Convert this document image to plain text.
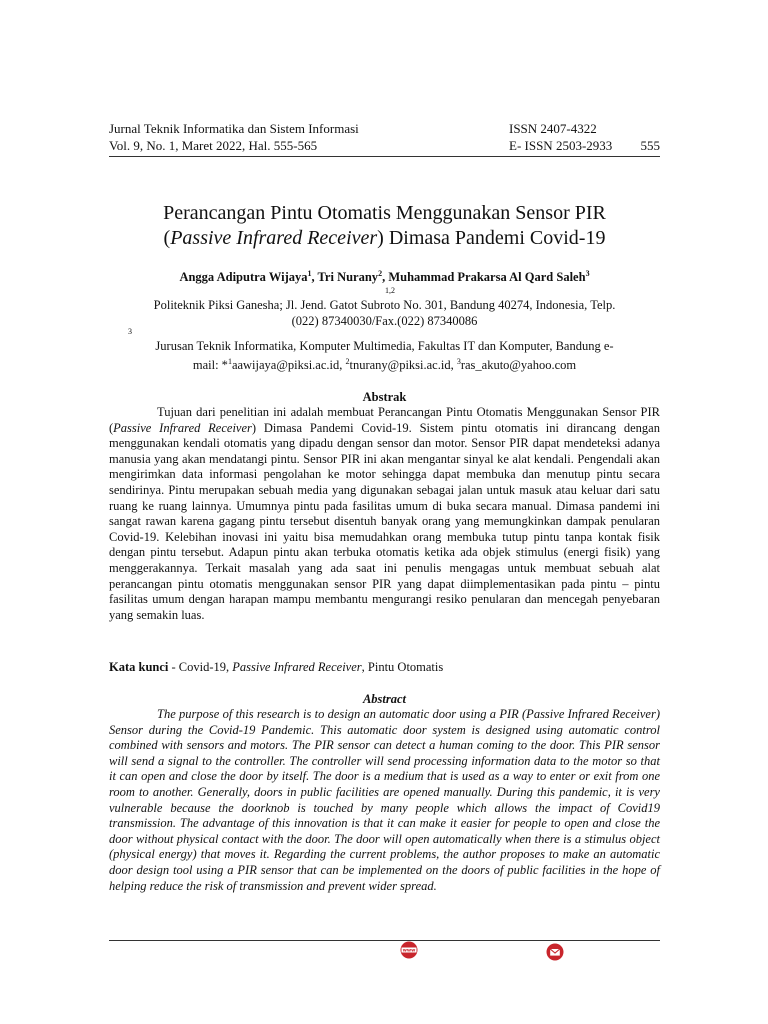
Jurnal Teknik Informatika dan Sistem Informasi	ISSN 2407-4322
Vol. 9, No. 1, Maret 2022, Hal. 555-565	E- ISSN 2503-2933 555
Perancangan Pintu Otomatis Menggunakan Sensor PIR
(Passive Infrared Receiver) Dimasa Pandemi Covid-19
Angga Adiputra Wijaya$^1$, Tri Nurany$^2$, Muhammad Prakarsa Al Qard Saleh$^3$
1,2
Politeknik Piksi Ganesha; Jl. Jend. Gatot Subroto No. 301, Bandung 40274, Indonesia, Telp.
(022) 87340030/Fax.(022) 87340086
3
Jurusan Teknik Informatika, Komputer Multimedia, Fakultas IT dan Komputer, Bandung e-
mail: *$^1$aawijaya@piksi.ac.id, $^2$tnurany@piksi.ac.id, $^3$ras_akuto@yahoo.com
Abstrak

Tujuan dari penelitian ini adalah membuat Perancangan Pintu Otomatis Menggunakan Sensor PIR (Passive Infrared Receiver) Dimasa Pandemi Covid-19. Sistem pintu otomatis ini dirancang dengan menggunakan kendali otomatis yang dipadu dengan sensor dan motor. Sensor PIR dapat mendeteksi adanya manusia yang akan mendatangi pintu. Sensor PIR ini akan mengantar sinyal ke alat kendali. Pengendali akan mengirimkan data informasi pengolahan ke motor sehingga dapat membuka dan menutup pintu secara sendirinya. Pintu merupakan sebuah media yang digunakan sebagai jalan untuk masuk atau keluar dari satu ruang ke ruang lainnya. Umumnya pintu pada fasilitas umum di buka secara manual. Dimasa pandemi ini sangat rawan karena gagang pintu tersebut disentuh banyak orang yang memungkinkan dampak penularan Covid-19. Kelebihan inovasi ini yaitu bisa memudahkan orang membuka tutup pintu tanpa kontak fisik dengan pintu tersebut. Adapun pintu akan terbuka otomatis ketika ada objek stimulus (energi fisik) yang menggerakannya. Terkait masalah yang ada saat ini penulis mengagas untuk membuat sebuah alat perancangan pintu otomatis menggunakan sensor PIR yang dapat diimplementasikan pada pintu – pintu fasilitas umum dengan harapan mampu membantu mengurangi resiko penularan dan mencegah penyebaran yang semakin luas.

Kata kunci - Covid-19, Passive Infrared Receiver, Pintu Otomatis
Abstract

The purpose of this research is to design an automatic door using a PIR (Passive Infrared Receiver) Sensor during the Covid-19 Pandemic. This automatic door system is designed using automatic control combined with sensors and motors. The PIR sensor can detect a human coming to the door. This PIR sensor will send a signal to the controller. The controller will send processing information data to the motor so that it can open and close the door by itself. The door is a medium that is used as a way to enter or exit from one room to another. Generally, doors in public facilities are opened manually. During this pandemic, it is very vulnerable because the doorknob is touched by many people which allows the impact of Covid19 transmission. The advantage of this innovation is that it can make it easier for people to open and close the door without physical contact with the door. The door will open automatically when there is a stimulus object (physical energy) that moves it. Regarding the current problems, the author proposes to make an automatic door design tool using a PIR sensor that can be implemented on the doors of public facilities in the hope of helping reduce the risk of transmission and prevent wider spread.

www
